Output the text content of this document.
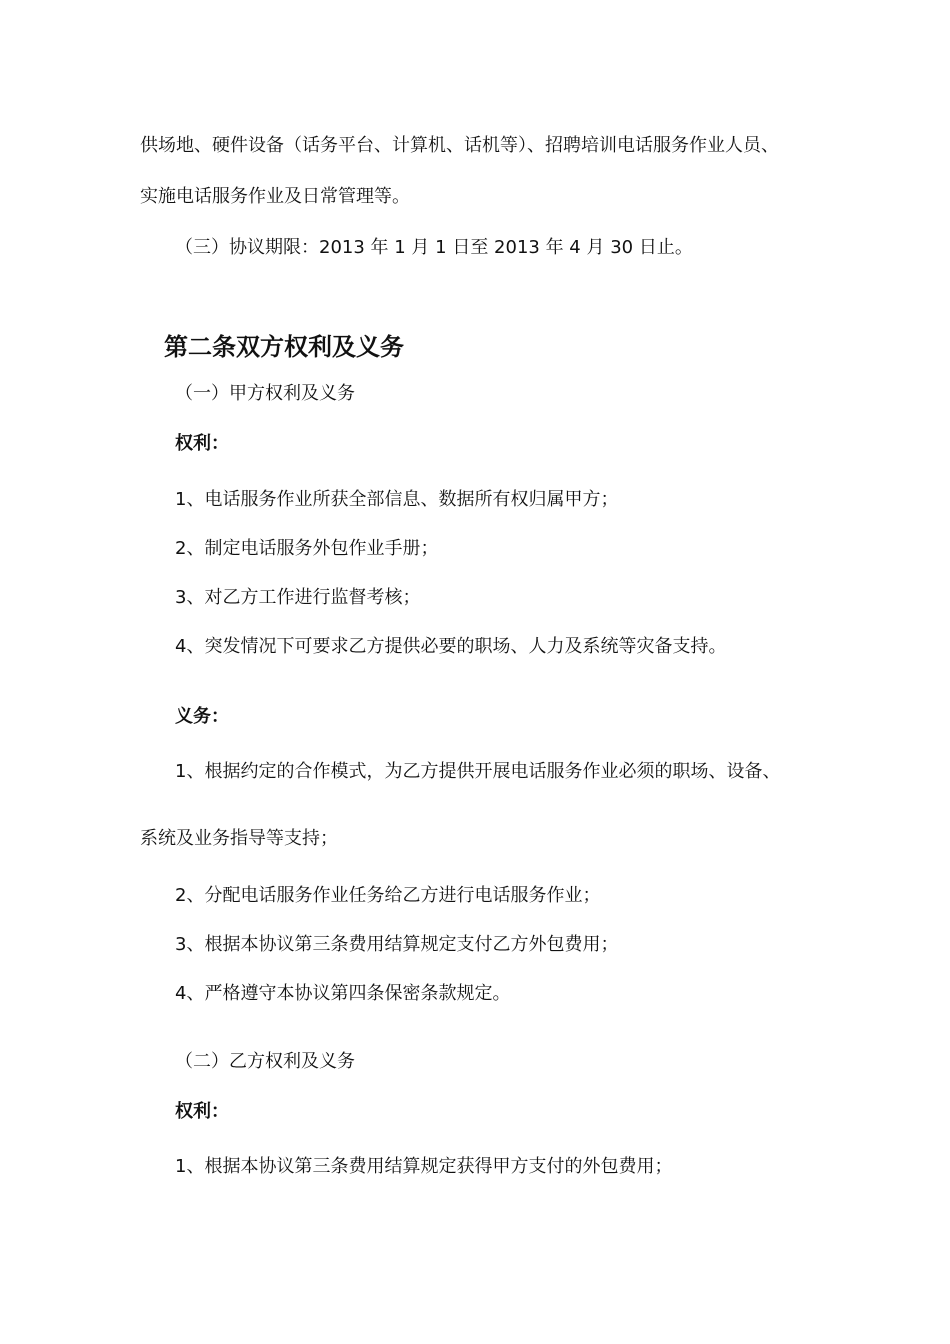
供场地、硬件设备（话务平台、计算机、话机等）、招聘培训电话服务作业人员、
实施电话服务作业及日常管理等。
（三）协议期限：2013 年 1 月 1 日至 2013 年 4 月 30 日止。
第二条双方权利及义务
（一）甲方权利及义务
权利：
1、电话服务作业所获全部信息、数据所有权归属甲方；
2、制定电话服务外包作业手册；
3、对乙方工作进行监督考核；
4、突发情况下可要求乙方提供必要的职场、人力及系统等灾备支持。
义务：
1、根据约定的合作模式，为乙方提供开展电话服务作业必须的职场、设备、
系统及业务指导等支持；
2、分配电话服务作业任务给乙方进行电话服务作业；
3、根据本协议第三条费用结算规定支付乙方外包费用；
4、严格遵守本协议第四条保密条款规定。
（二）乙方权利及义务
权利：
1、根据本协议第三条费用结算规定获得甲方支付的外包费用；
